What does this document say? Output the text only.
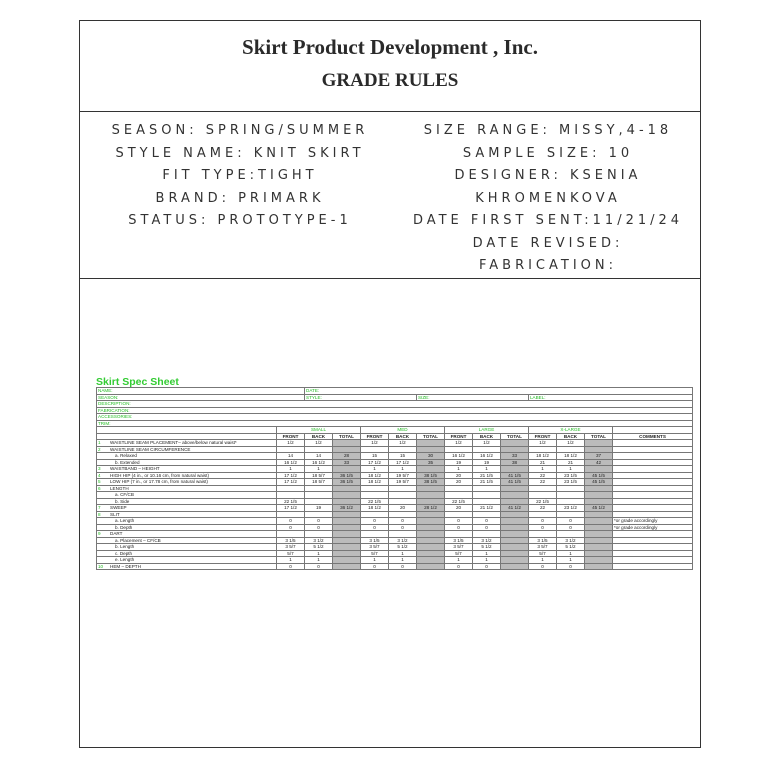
Skirt Product Development , Inc.
GRADE RULES
SEASON: SPRING/SUMMER
STYLE NAME: KNIT SKIRT
FIT TYPE:TIGHT
BRAND: PRIMARK
STATUS: PROTOTYPE-1
SIZE RANGE: MISSY,4-18
SAMPLE SIZE: 10
DESIGNER: KSENIA
KHROMENKOVA
DATE FIRST SENT:11/21/24
DATE REVISED:
FABRICATION:
Skirt Spec Sheet
NAME:		DATE:											
SEASON:		STYLE:				SIZE:				LABEL:			
DESCRIPTION:													
FABRICATION:													
ACCESSORIES:													
TRIM:													
	SMALL			MED			LARGE			X-LARGE			
	FRONT	BACK	TOTAL	FRONT	BACK	TOTAL	FRONT	BACK	TOTAL	FRONT	BACK	TOTAL	COMMENTS
1 WAISTLINE SEAM PLACEMENT– above/below natural waist*	1/2	1/2		1/2	1/2		1/2	1/2		1/2	1/2		
2 WAISTLINE SEAM CIRCUMFERENCE													
a. Relaxed	14	14	28	15	15	30	16 1/2	16 1/2	33	18 1/2	18 1/2	37	
b. Extended	16 1/2	16 1/2	33	17 1/2	17 1/2	35	19	19	38	21	21	42	
3 WAISTBAND – HEIGHT	1	1		1	1		1	1		1	1		
4 HIGH HIP (4 in., or 10.16 cm, from natural waist)	17 1/2	18 5/7	36 1/5	18 1/2	19 5/7	38 1/5	20	21 1/5	41 1/5	22	23 1/5	45 1/5	
5 LOW HIP (7 in., or 17.78 cm, from natural waist)	17 1/2	18 5/7	36 1/5	18 1/2	19 5/7	38 1/5	20	21 1/5	41 1/5	22	23 1/5	45 1/5	
6 LENGTH													
a. CF/CB													
b. Side	22 1/5			22 1/5			22 1/5			22 1/5			
7 SWEEP	17 1/2	19	36 1/2	18 1/2	20	28 1/2	20	21 1/2	41 1/2	22	23 1/2	45 1/2	
8 SLIT													
a. Length	0	0		0	0		0	0		0	0		*or grade accordingly
b. Depth	0	0		0	0		0	0		0	0		*or grade accordingly
9 DART													
a. Placement – CF/CB	3 1/5	3 1/2		3 1/5	3 1/2		3 1/5	3 1/2		3 1/5	3 1/2		
b. Length	3 5/7	5 1/2		3 5/7	5 1/2		3 5/7	5 1/2		3 5/7	5 1/2		
c. Depth	5/7	1		5/7	1		5/7	1		5/7	1		
e. Length	1	1		1	1		1	1		1	1		
10 HEM – DEPTH	0	0		0	0		0	0		0	0		
